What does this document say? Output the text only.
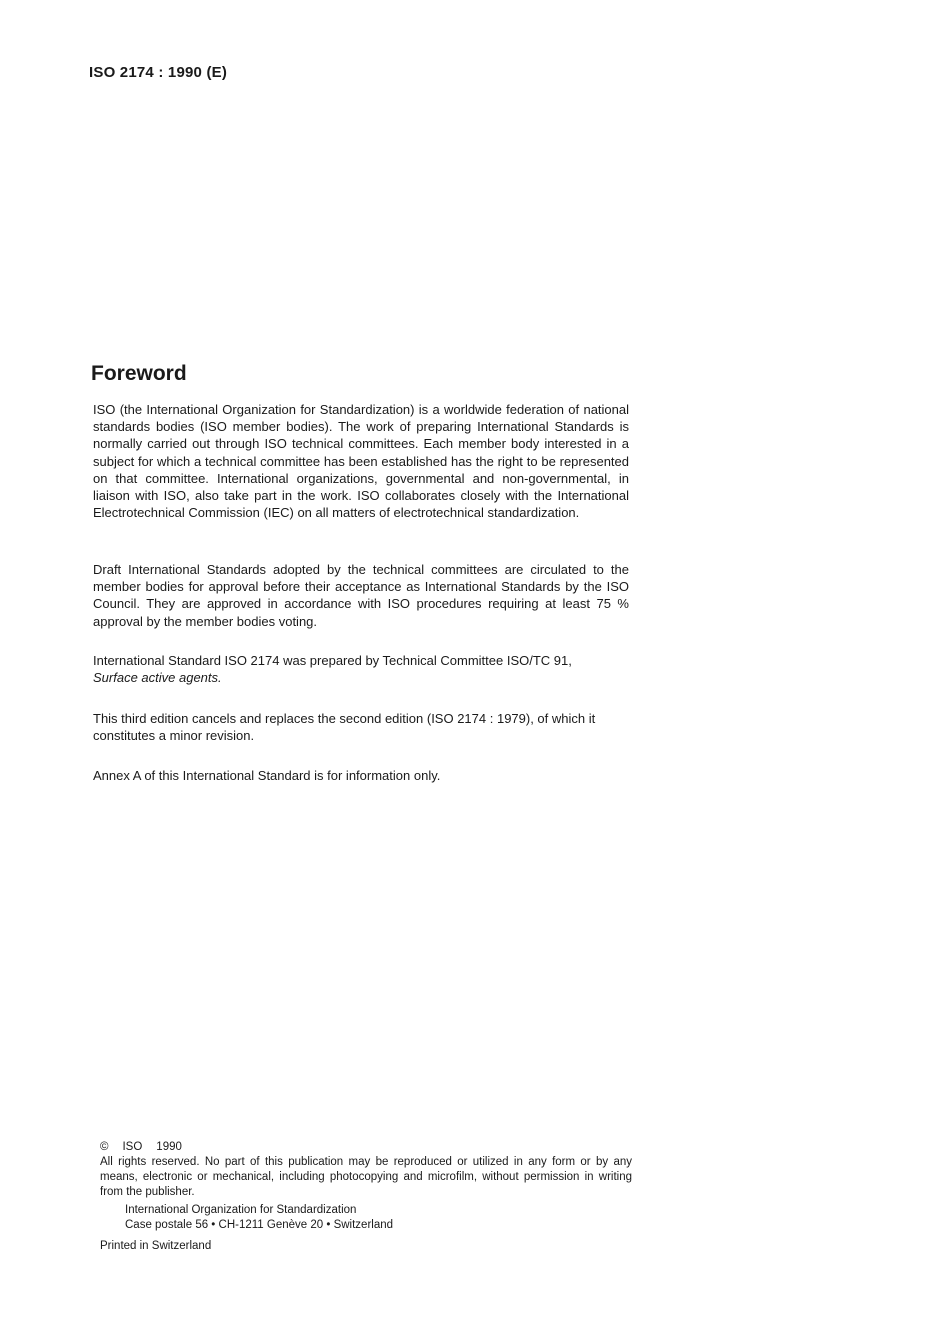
ISO 2174 : 1990 (E)
Foreword

ISO (the International Organization for Standardization) is a worldwide federation of national standards bodies (ISO member bodies). The work of preparing International Standards is normally carried out through ISO technical committees. Each member body interested in a subject for which a technical committee has been established has the right to be represented on that committee. International organizations, governmental and non-governmental, in liaison with ISO, also take part in the work. ISO collaborates closely with the International Electrotechnical Commission (IEC) on all matters of electrotechnical standardization.

Draft International Standards adopted by the technical committees are circulated to the member bodies for approval before their acceptance as International Standards by the ISO Council. They are approved in accordance with ISO procedures requiring at least 75 % approval by the member bodies voting.

International Standard ISO 2174 was prepared by Technical Committee ISO/TC 91,
Surface active agents.

This third edition cancels and replaces the second edition (ISO 2174 : 1979), of which it constitutes a minor revision.

Annex A of this International Standard is for information only.

© ISO 1990
All rights reserved. No part of this publication may be reproduced or utilized in any form or by any means, electronic or mechanical, including photocopying and microfilm, without permission in writing from the publisher.
International Organization for Standardization
Case postale 56 • CH-1211 Genève 20 • Switzerland
Printed in Switzerland
